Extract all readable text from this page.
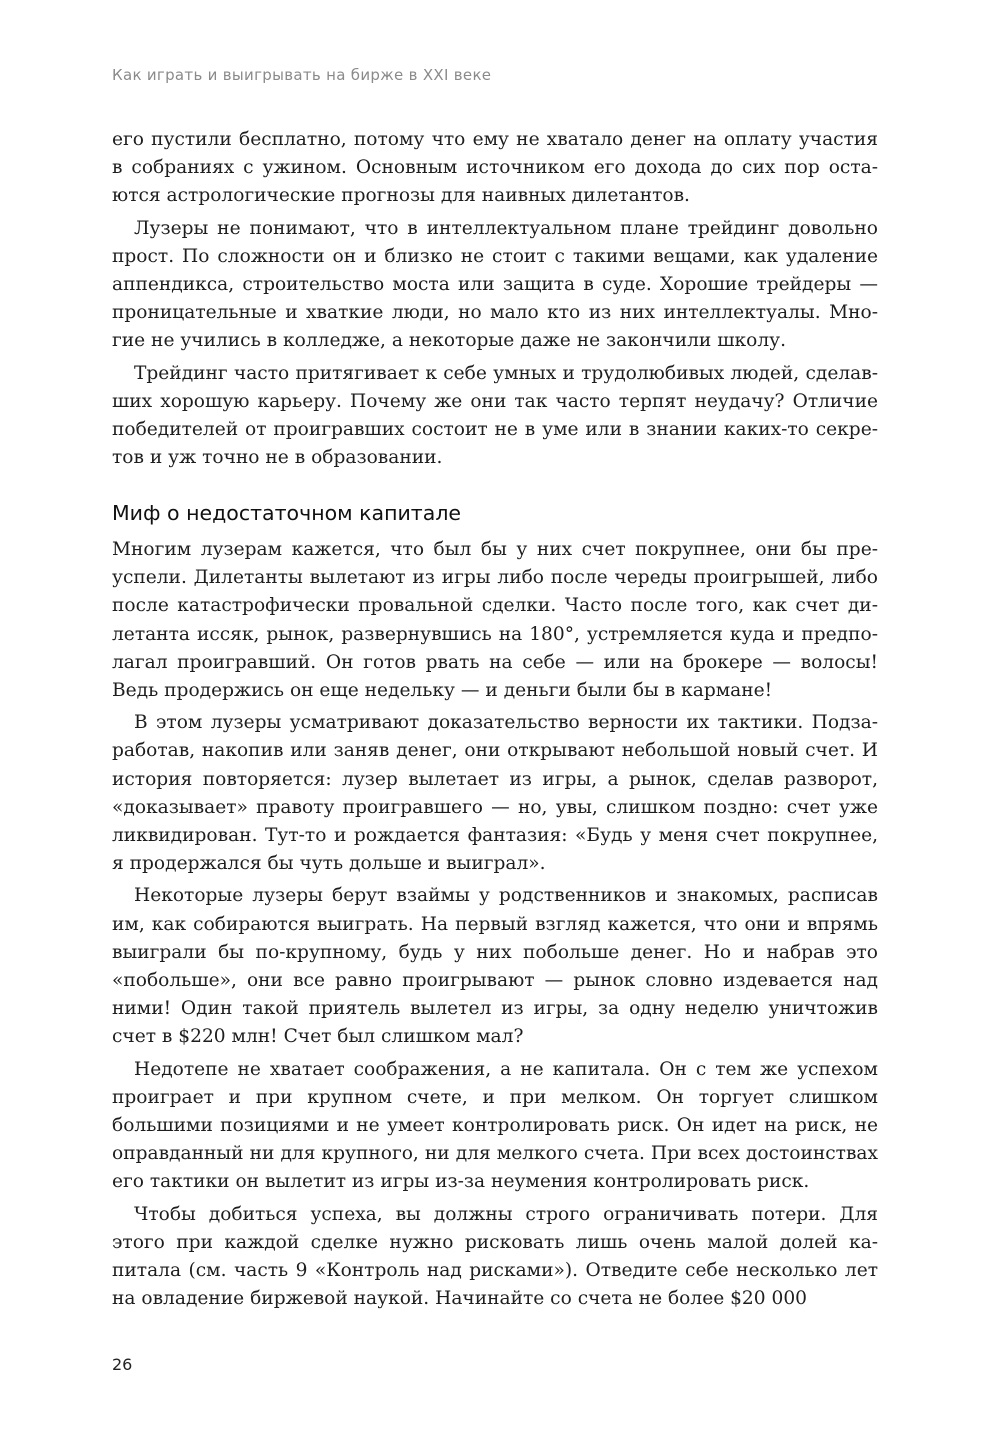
Как играть и выигрывать на бирже в XXI веке

его пустили бесплатно, потому что ему не хватало денег на оплату участия в собраниях с ужином. Основным источником его дохода до сих пор остаются астрологические прогнозы для наивных дилетантов.

Лузеры не понимают, что в интеллектуальном плане трейдинг довольно прост. По сложности он и близко не стоит с такими вещами, как удаление аппендикса, строительство моста или защита в суде. Хорошие трейдеры — проницательные и хваткие люди, но мало кто из них интеллектуалы. Многие не учились в колледже, а некоторые даже не закончили школу.

Трейдинг часто притягивает к себе умных и трудолюбивых людей, сделавших хорошую карьеру. Почему же они так часто терпят неудачу? Отличие победителей от проигравших состоит не в уме или в знании каких-то секретов и уж точно не в образовании.

Миф о недостаточном капитале

Многим лузерам кажется, что был бы у них счет покрупнее, они бы преуспели. Дилетанты вылетают из игры либо после череды проигрышей, либо после катастрофически провальной сделки. Часто после того, как счет дилетанта иссяк, рынок, развернувшись на 180°, устремляется куда и предполагал проигравший. Он готов рвать на себе — или на брокере — волосы! Ведь продержись он еще недельку — и деньги были бы в кармане!

В этом лузеры усматривают доказательство верности их тактики. Подзаработав, накопив или заняв денег, они открывают небольшой новый счет. И история повторяется: лузер вылетает из игры, а рынок, сделав разворот, «доказывает» правоту проигравшего — но, увы, слишком поздно: счет уже ликвидирован. Тут-то и рождается фантазия: «Будь у меня счет покрупнее, я продержался бы чуть дольше и выиграл».

Некоторые лузеры берут взаймы у родственников и знакомых, расписав им, как собираются выиграть. На первый взгляд кажется, что они и впрямь выиграли бы по-крупному, будь у них побольше денег. Но и набрав это «побольше», они все равно проигрывают — рынок словно издевается над ними! Один такой приятель вылетел из игры, за одну неделю уничтожив счет в $220 млн! Счет был слишком мал?

Недотепе не хватает соображения, а не капитала. Он с тем же успехом проиграет и при крупном счете, и при мелком. Он торгует слишком большими позициями и не умеет контролировать риск. Он идет на риск, не оправданный ни для крупного, ни для мелкого счета. При всех достоинствах его тактики он вылетит из игры из-за неумения контролировать риск.

Чтобы добиться успеха, вы должны строго ограничивать потери. Для этого при каждой сделке нужно рисковать лишь очень малой долей капитала (см. часть 9 «Контроль над рисками»). Отведите себе несколько лет на овладение биржевой наукой. Начинайте со счета не более $20 000

26
